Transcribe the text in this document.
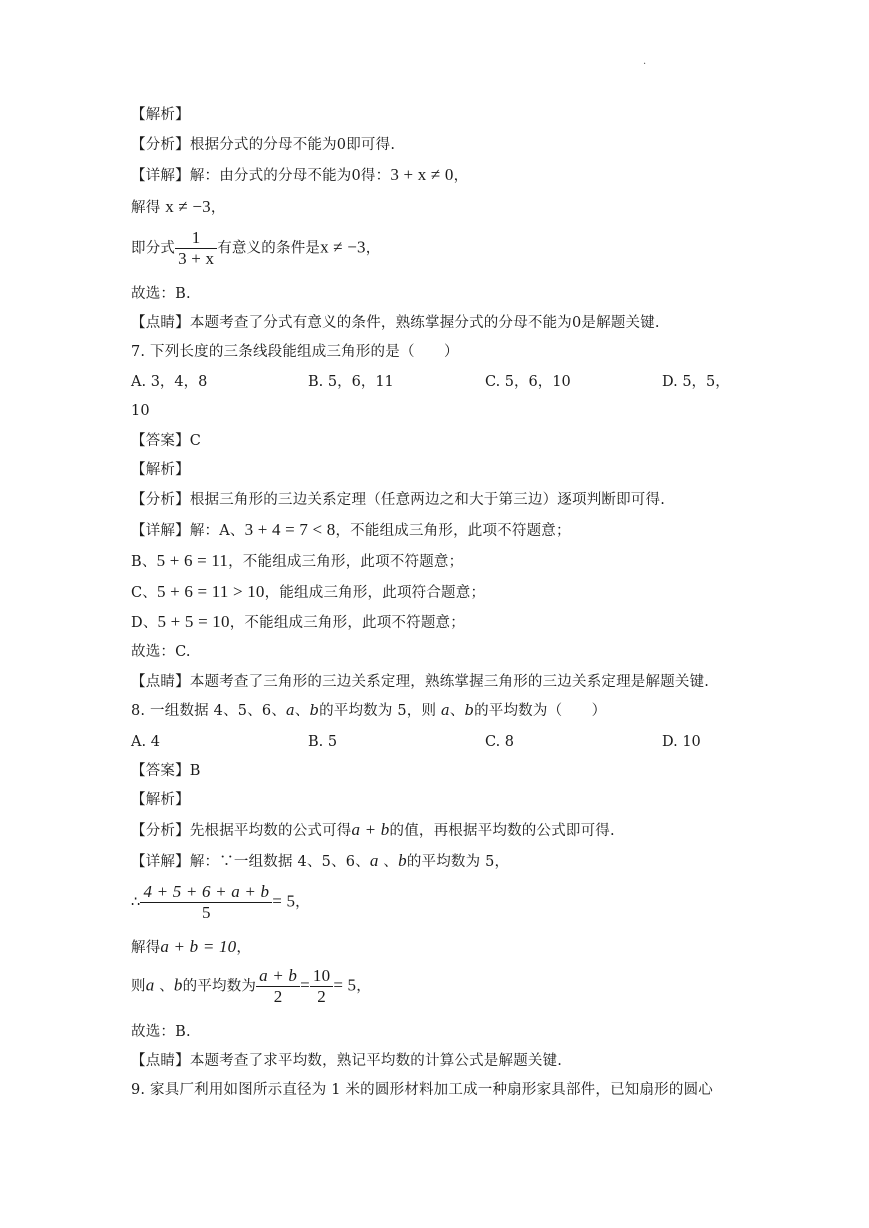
.
【解析】
【分析】根据分式的分母不能为0即可得.
【详解】解：由分式的分母不能为0得：3 + x ≠ 0，
解得 x ≠ −3，
即分式 $\frac{1}{3 + x}$ 有意义的条件是x ≠ −3，
故选：B.
【点睛】本题考查了分式有意义的条件，熟练掌握分式的分母不能为0是解题关键.
7. 下列长度的三条线段能组成三角形的是（　　）
A. 3，4，8	B. 5，6，11	C. 5，6，10	D. 5，5，
10
【答案】C
【解析】
【分析】根据三角形的三边关系定理（任意两边之和大于第三边）逐项判断即可得.
【详解】解：A、3 + 4 = 7 < 8，不能组成三角形，此项不符题意；
B、5 + 6 = 11，不能组成三角形，此项不符题意；
C、5 + 6 = 11 > 10，能组成三角形，此项符合题意；
D、5 + 5 = 10，不能组成三角形，此项不符题意；
故选：C.
【点睛】本题考查了三角形的三边关系定理，熟练掌握三角形的三边关系定理是解题关键.
8. 一组数据 4、5、6、a、b的平均数为 5，则 a、b的平均数为（　　）
A. 4	B. 5	C. 8	D. 10
【答案】B
【解析】
【分析】先根据平均数的公式可得a + b的值，再根据平均数的公式即可得.
【详解】解：∵一组数据 4、5、6、a 、b的平均数为 5，
∴ $\frac{4 + 5 + 6 + a + b}{5} = 5$，
解得a + b = 10，
则a 、b的平均数为 $\frac{a + b}{2} = \frac{10}{2} = 5$，
故选：B.
【点睛】本题考查了求平均数，熟记平均数的计算公式是解题关键.
9. 家具厂利用如图所示直径为 1 米的圆形材料加工成一种扇形家具部件，已知扇形的圆心
